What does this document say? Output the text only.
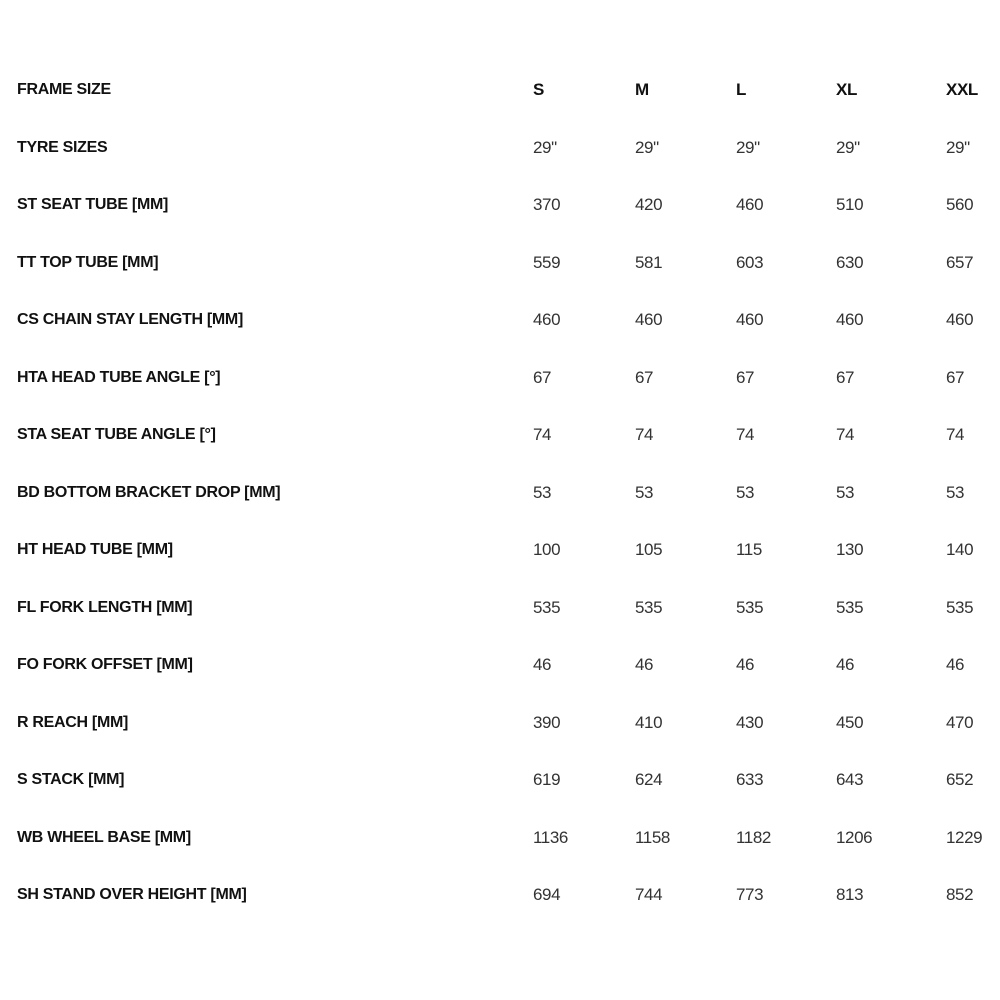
FRAME SIZE	S	M	L	XL	XXL
TYRE SIZES	29"	29"	29"	29"	29"
ST SEAT TUBE [MM]	370	420	460	510	560
TT TOP TUBE [MM]	559	581	603	630	657
CS CHAIN STAY LENGTH [MM]	460	460	460	460	460
HTA HEAD TUBE ANGLE [°]	67	67	67	67	67
STA SEAT TUBE ANGLE [°]	74	74	74	74	74
BD BOTTOM BRACKET DROP [MM]	53	53	53	53	53
HT HEAD TUBE [MM]	100	105	115	130	140
FL FORK LENGTH [MM]	535	535	535	535	535
FO FORK OFFSET [MM]	46	46	46	46	46
R REACH [MM]	390	410	430	450	470
S STACK [MM]	619	624	633	643	652
WB WHEEL BASE [MM]	1136	1158	1182	1206	1229
SH STAND OVER HEIGHT [MM]	694	744	773	813	852
